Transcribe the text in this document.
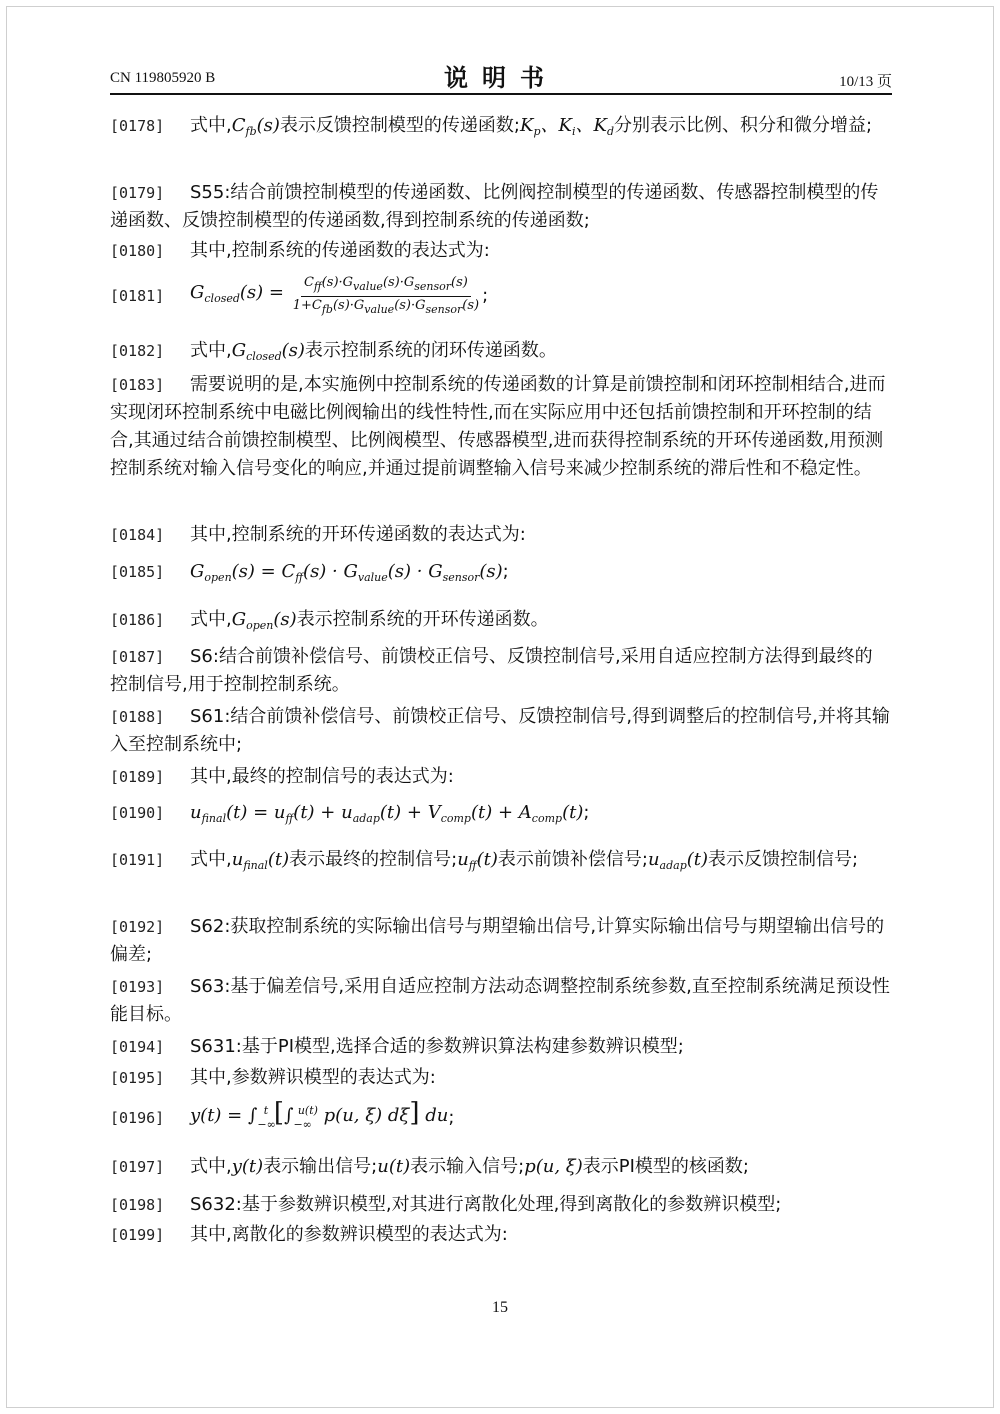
CN 119805920 B	说明书	10/13 页
[0178] 式中$,C_{fb}(s)$表示反馈控制模型的传递函数$;K_p$、$K_i$、$K_d$分别表示比例、积分和微分增益;
[0179] S55:结合前馈控制模型的传递函数、比例阀控制模型的传递函数、传感器控制模型的传递函数、反馈控制模型的传递函数,得到控制系统的传递函数;
[0180] 其中,控制系统的传递函数的表达式为:
[0181]	$G_{closed}(s) = \frac{C_{ff}(s)\cdot G_{value}(s)\cdot G_{sensor}(s)}{1+C_{fb}(s)\cdot G_{value}(s)\cdot G_{sensor}(s)}$ ;
[0182] 式中$,G_{closed}(s)$表示控制系统的闭环传递函数。
[0183] 需要说明的是,本实施例中控制系统的传递函数的计算是前馈控制和闭环控制相结合,进而实现闭环控制系统中电磁比例阀输出的线性特性,而在实际应用中还包括前馈控制和开环控制的结合,其通过结合前馈控制模型、比例阀模型、传感器模型,进而获得控制系统的开环传递函数,用预测控制系统对输入信号变化的响应,并通过提前调整输入信号来减少控制系统的滞后性和不稳定性。
[0184] 其中,控制系统的开环传递函数的表达式为:
[0185] $G_{open}(s) = C_{ff}(s) \cdot G_{value}(s) \cdot G_{sensor}(s)$;
[0186] 式中$,G_{open}(s)$表示控制系统的开环传递函数。
[0187] S6:结合前馈补偿信号、前馈校正信号、反馈控制信号,采用自适应控制方法得到最终的控制信号,用于控制控制系统。
[0188] S61:结合前馈补偿信号、前馈校正信号、反馈控制信号,得到调整后的控制信号,并将其输入至控制系统中;
[0189] 其中,最终的控制信号的表达式为:
[0190] $u_{final}(t) = u_{ff}(t) + u_{adap}(t) + V_{comp}(t) + A_{comp}(t)$;
[0191] 式中$,u_{final}(t)$表示最终的控制信号$;u_{ff}(t)$表示前馈补偿信号$;u_{adap}(t)$表示反馈控制信号;
[0192] S62:获取控制系统的实际输出信号与期望输出信号,计算实际输出信号与期望输出信号的偏差;
[0193] S63:基于偏差信号,采用自适应控制方法动态调整控制系统参数,直至控制系统满足预设性能目标。
[0194] S631:基于PI模型,选择合适的参数辨识算法构建参数辨识模型;
[0195] 其中,参数辨识模型的表达式为:
[0196]	$y(t) = \int_{-\infty}^t$ [$\int_{-\infty}^{u(t)}$ p(u, ξ) dξ] du ;
[0197] 式中,y(t)表示输出信号;u(t)表示输入信号;p(u, ξ)表示PI模型的核函数;
[0198] S632:基于参数辨识模型,对其进行离散化处理,得到离散化的参数辨识模型;
[0199] 其中,离散化的参数辨识模型的表达式为:
15
